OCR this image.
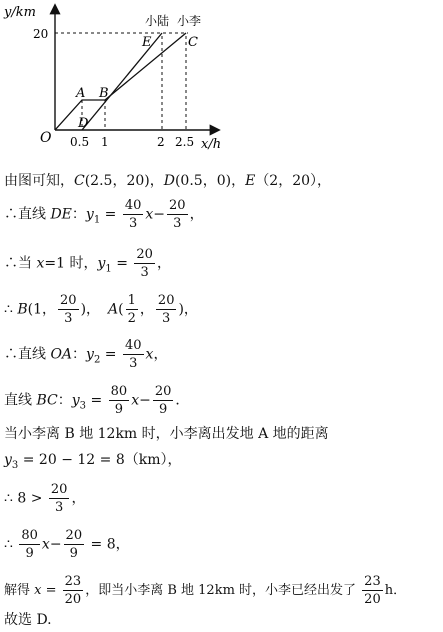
y/km
x/h
O
20
0.5 1	2 2.5
A B
D
E	C
小陆 小李
由图可知，C(2.5，20)，D(0.5，0)，E（2，20），
∴直线 DE：$y_1 = \frac{40}{3} x- \frac{20}{3}$ ，
∴当 x=1 时，$y_1 = \frac{20}{3}$ ，
∴ B(1， $\frac{20}{3}$ )， $A( \frac{1}{2}$ ， $\frac{20}{3}$ )，
∴直线 OA：$y_2 = \frac{40}{3}$ x，
直线 BC：$y_3 = \frac{80}{9} x- \frac{20}{9}$ ．
当小李离 B 地 12km 时，小李离出发地 A 地的距离
$y_3 = 20 - 12 = 8(km)$，
∴ $8 > \frac{20}{3}$ ，
∴ $\frac{80}{9} x- \frac{20}{9} = 8$，
解得 $x = \frac{23}{20}$ ，即当小李离 B 地 12km 时，小李已经出发了 $\frac{23}{20}$ h．
故选 D.
